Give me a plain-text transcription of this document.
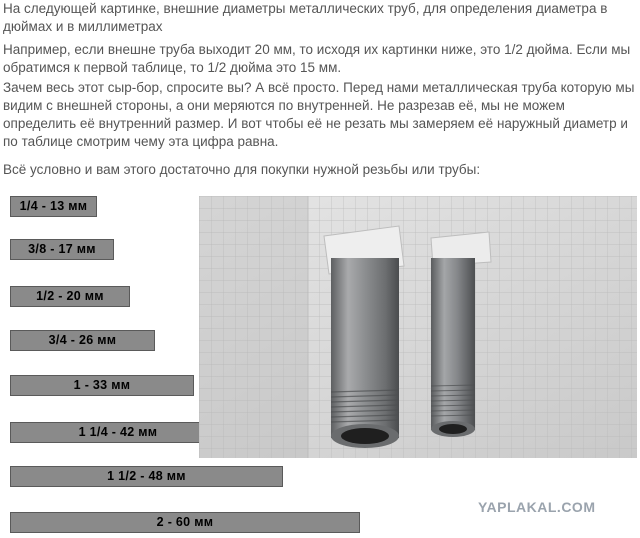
На следующей картинке, внешние диаметры металлических труб, для определения диаметра в дюймах и в миллиметрах

Например, если внешне труба выходит 20 мм, то исходя их картинки ниже, это 1/2 дюйма. Если мы обратимся к первой таблице, то 1/2 дюйма это 15 мм.

Зачем весь этот сыр-бор, спросите вы? А всё просто. Перед нами металлическая труба которую мы видим с внешней стороны, а они меряются по внутренней. Не разрезав её, мы не можем определить её внутренний размер. И вот чтобы её не резать мы замеряем её наружный диаметр и по таблице смотрим чему эта цифра равна.

Всё условно и вам этого достаточно для покупки нужной резьбы или трубы:

1/4 - 13 мм
3/8 - 17 мм
1/2 - 20 мм
3/4 - 26 мм
1 - 33 мм
1 1/4 - 42 мм
1 1/2 - 48 мм
2 - 60 мм
YAPLAKAL.COM
